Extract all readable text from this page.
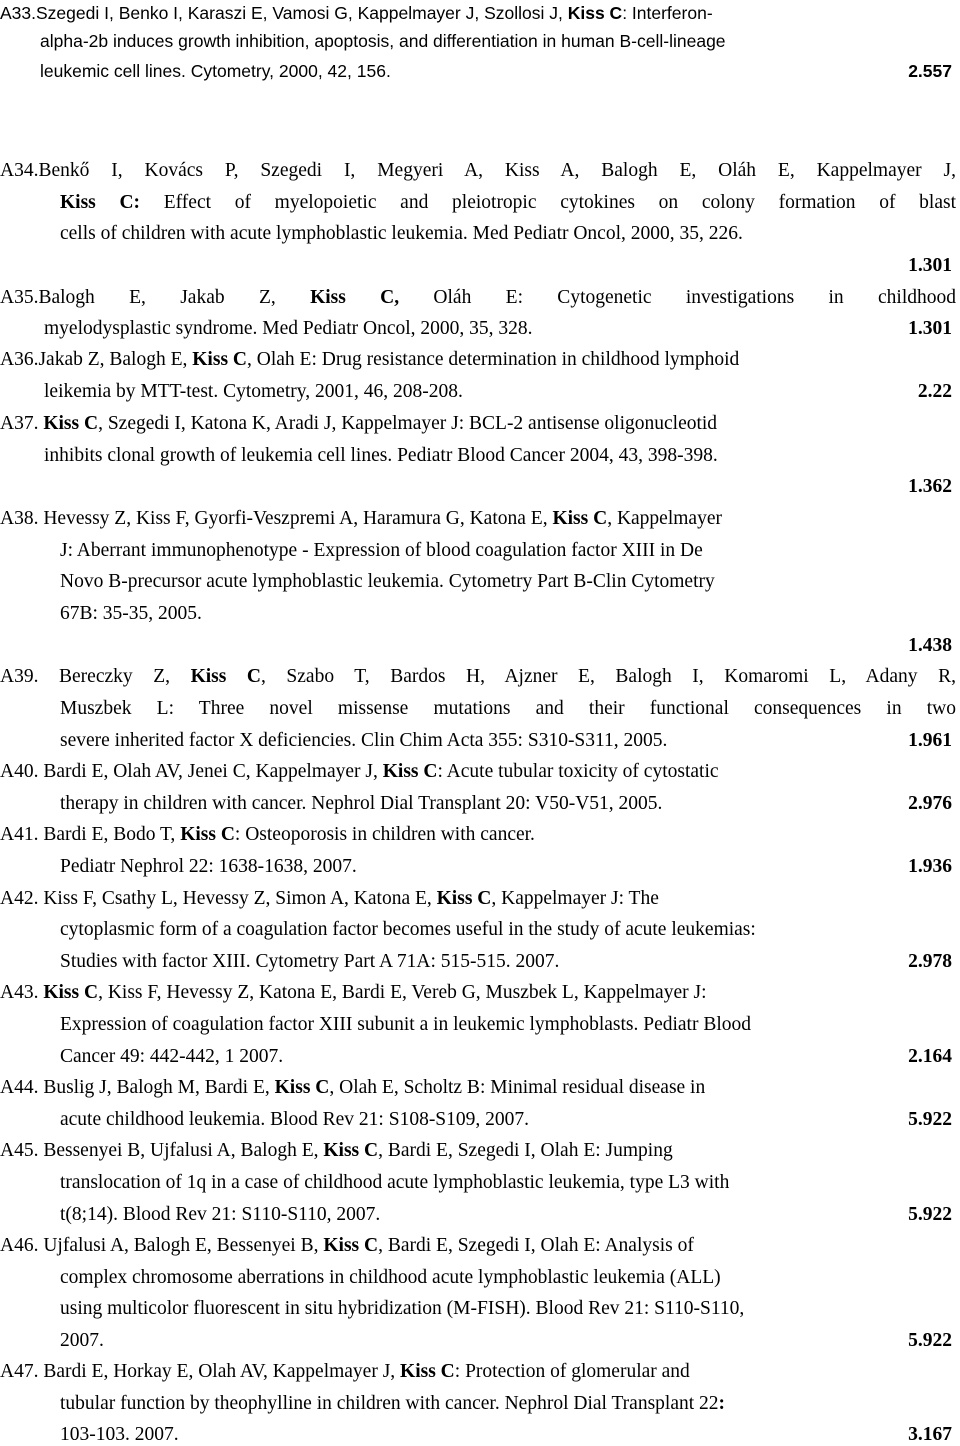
A33.Szegedi I, Benko I, Karaszi E, Vamosi G, Kappelmayer J, Szollosi J, Kiss C: Interferon-
alpha-2b induces growth inhibition, apoptosis, and differentiation in human B-cell-lineage
leukemic cell lines. Cytometry, 2000, 42, 156.	2.557
A34.Benkő I, Kovács P, Szegedi I, Megyeri A, Kiss A, Balogh E, Oláh E, Kappelmayer J,
Kiss C: Effect of myelopoietic and pleiotropic cytokines on colony formation of blast
cells of children with acute lymphoblastic leukemia. Med Pediatr Oncol, 2000, 35, 226.
1.301
A35.Balogh E, Jakab Z, Kiss C, Oláh E: Cytogenetic investigations in childhood
myelodysplastic syndrome. Med Pediatr Oncol, 2000, 35, 328.	1.301
A36.Jakab Z, Balogh E, Kiss C, Olah E: Drug resistance determination in childhood lymphoid
leikemia by MTT-test. Cytometry, 2001, 46, 208-208.	2.22
A37. Kiss C, Szegedi I, Katona K, Aradi J, Kappelmayer J: BCL-2 antisense oligonucleotid
inhibits clonal growth of leukemia cell lines. Pediatr Blood Cancer 2004, 43, 398-398.
1.362
A38. Hevessy Z, Kiss F, Gyorfi-Veszpremi A, Haramura G, Katona E, Kiss C, Kappelmayer
J: Aberrant immunophenotype - Expression of blood coagulation factor XIII in De
Novo B-precursor acute lymphoblastic leukemia. Cytometry Part B-Clin Cytometry
67B: 35-35, 2005.
1.438
A39. Bereczky Z, Kiss C, Szabo T, Bardos H, Ajzner E, Balogh I, Komaromi L, Adany R,
Muszbek L: Three novel missense mutations and their functional consequences in two
severe inherited factor X deficiencies. Clin Chim Acta 355: S310-S311, 2005.	1.961
A40. Bardi E, Olah AV, Jenei C, Kappelmayer J, Kiss C: Acute tubular toxicity of cytostatic
therapy in children with cancer. Nephrol Dial Transplant 20: V50-V51, 2005.	2.976
A41. Bardi E, Bodo T, Kiss C: Osteoporosis in children with cancer.
Pediatr Nephrol 22: 1638-1638, 2007.	1.936
A42. Kiss F, Csathy L, Hevessy Z, Simon A, Katona E, Kiss C, Kappelmayer J: The
cytoplasmic form of a coagulation factor becomes useful in the study of acute leukemias:
Studies with factor XIII. Cytometry Part A 71A: 515-515. 2007.	2.978
A43. Kiss C, Kiss F, Hevessy Z, Katona E, Bardi E, Vereb G, Muszbek L, Kappelmayer J:
Expression of coagulation factor XIII subunit a in leukemic lymphoblasts. Pediatr Blood
Cancer 49: 442-442, 1 2007.	2.164
A44. Buslig J, Balogh M, Bardi E, Kiss C, Olah E, Scholtz B: Minimal residual disease in
acute childhood leukemia. Blood Rev 21: S108-S109, 2007.	5.922
A45. Bessenyei B, Ujfalusi A, Balogh E, Kiss C, Bardi E, Szegedi I, Olah E: Jumping
translocation of 1q in a case of childhood acute lymphoblastic leukemia, type L3 with
t(8;14). Blood Rev 21: S110-S110, 2007.	5.922
A46. Ujfalusi A, Balogh E, Bessenyei B, Kiss C, Bardi E, Szegedi I, Olah E: Analysis of
complex chromosome aberrations in childhood acute lymphoblastic leukemia (ALL)
using multicolor fluorescent in situ hybridization (M-FISH). Blood Rev 21: S110-S110,
2007.	5.922
A47. Bardi E, Horkay E, Olah AV, Kappelmayer J, Kiss C: Protection of glomerular and
tubular function by theophylline in children with cancer. Nephrol Dial Transplant 22:
103-103. 2007.	3.167
